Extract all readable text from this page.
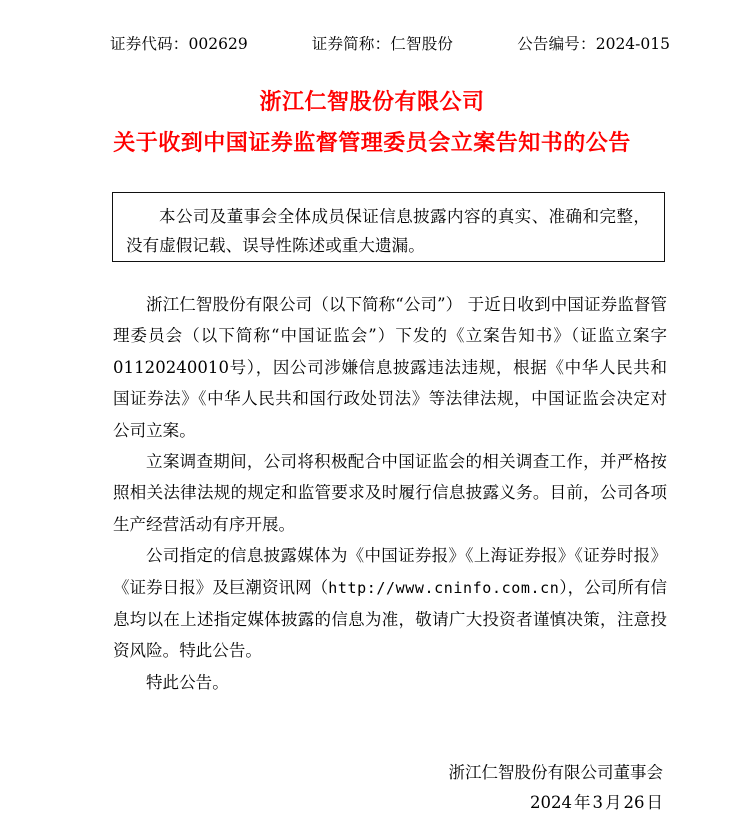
证券代码：002629	证券简称：仁智股份	公告编号：2024-015
浙江仁智股份有限公司
关于收到中国证券监督管理委员会立案告知书的公告
本公司及董事会全体成员保证信息披露内容的真实、准确和完整，没有虚假记载、误导性陈述或重大遗漏。

浙江仁智股份有限公司（以下简称“公司”） 于近日收到中国证券监督管理委员会（以下简称“中国证监会”）下发的《立案告知书》（证监立案字01120240010号），因公司涉嫌信息披露违法违规，根据《中华人民共和国证券法》《中华人民共和国行政处罚法》等法律法规，中国证监会决定对公司立案。

立案调查期间，公司将积极配合中国证监会的相关调查工作，并严格按照相关法律法规的规定和监管要求及时履行信息披露义务。目前，公司各项生产经营活动有序开展。

公司指定的信息披露媒体为《中国证券报》《上海证券报》《证券时报》《证券日报》及巨潮资讯网（http://www.cninfo.com.cn），公司所有信息均以在上述指定媒体披露的信息为准，敬请广大投资者谨慎决策，注意投资风险。特此公告。

特此公告。

浙江仁智股份有限公司董事会
2024 年 3 月 26 日
